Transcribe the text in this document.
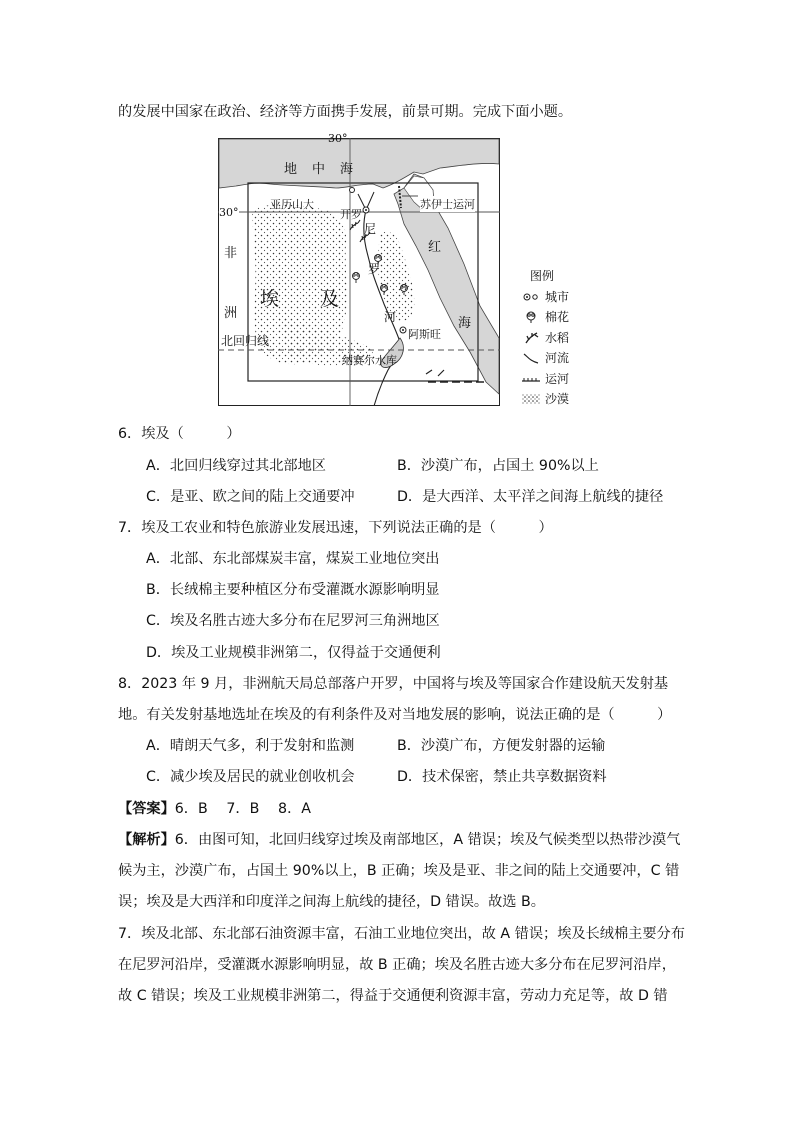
的发展中国家在政治、经济等方面携手发展，前景可期。完成下面小题。
30°
30°
地 中 海
亚历山大
开罗
苏伊士运河
非
洲
埃 及
尼
罗
河
红
海
北回归线	阿斯旺
纳赛尔水库
图例
城市
棉花
水稻
河流
运河
沙漠
6．埃及（　　　）
A．北回归线穿过其北部地区	B．沙漠广布，占国土 90%以上
C．是亚、欧之间的陆上交通要冲	D．是大西洋、太平洋之间海上航线的捷径
7．埃及工农业和特色旅游业发展迅速，下列说法正确的是（　　　）
A．北部、东北部煤炭丰富，煤炭工业地位突出
B．长绒棉主要种植区分布受灌溉水源影响明显
C．埃及名胜古迹大多分布在尼罗河三角洲地区
D．埃及工业规模非洲第二，仅得益于交通便利
8．2023 年 9 月，非洲航天局总部落户开罗，中国将与埃及等国家合作建设航天发射基
地。有关发射基地选址在埃及的有利条件及对当地发展的影响，说法正确的是（　　　）
A．晴朗天气多，利于发射和监测	B．沙漠广布，方便发射器的运输
C．减少埃及居民的就业创收机会	D．技术保密，禁止共享数据资料
【答案】6．B　 7．B　 8．A
【解析】6．由图可知，北回归线穿过埃及南部地区，A 错误；埃及气候类型以热带沙漠气
候为主，沙漠广布，占国土 90%以上，B 正确；埃及是亚、非之间的陆上交通要冲，C 错
误；埃及是大西洋和印度洋之间海上航线的捷径，D 错误。故选 B。
7．埃及北部、东北部石油资源丰富，石油工业地位突出，故 A 错误；埃及长绒棉主要分布
在尼罗河沿岸，受灌溉水源影响明显，故 B 正确；埃及名胜古迹大多分布在尼罗河沿岸，
故 C 错误；埃及工业规模非洲第二，得益于交通便利资源丰富，劳动力充足等，故 D 错
